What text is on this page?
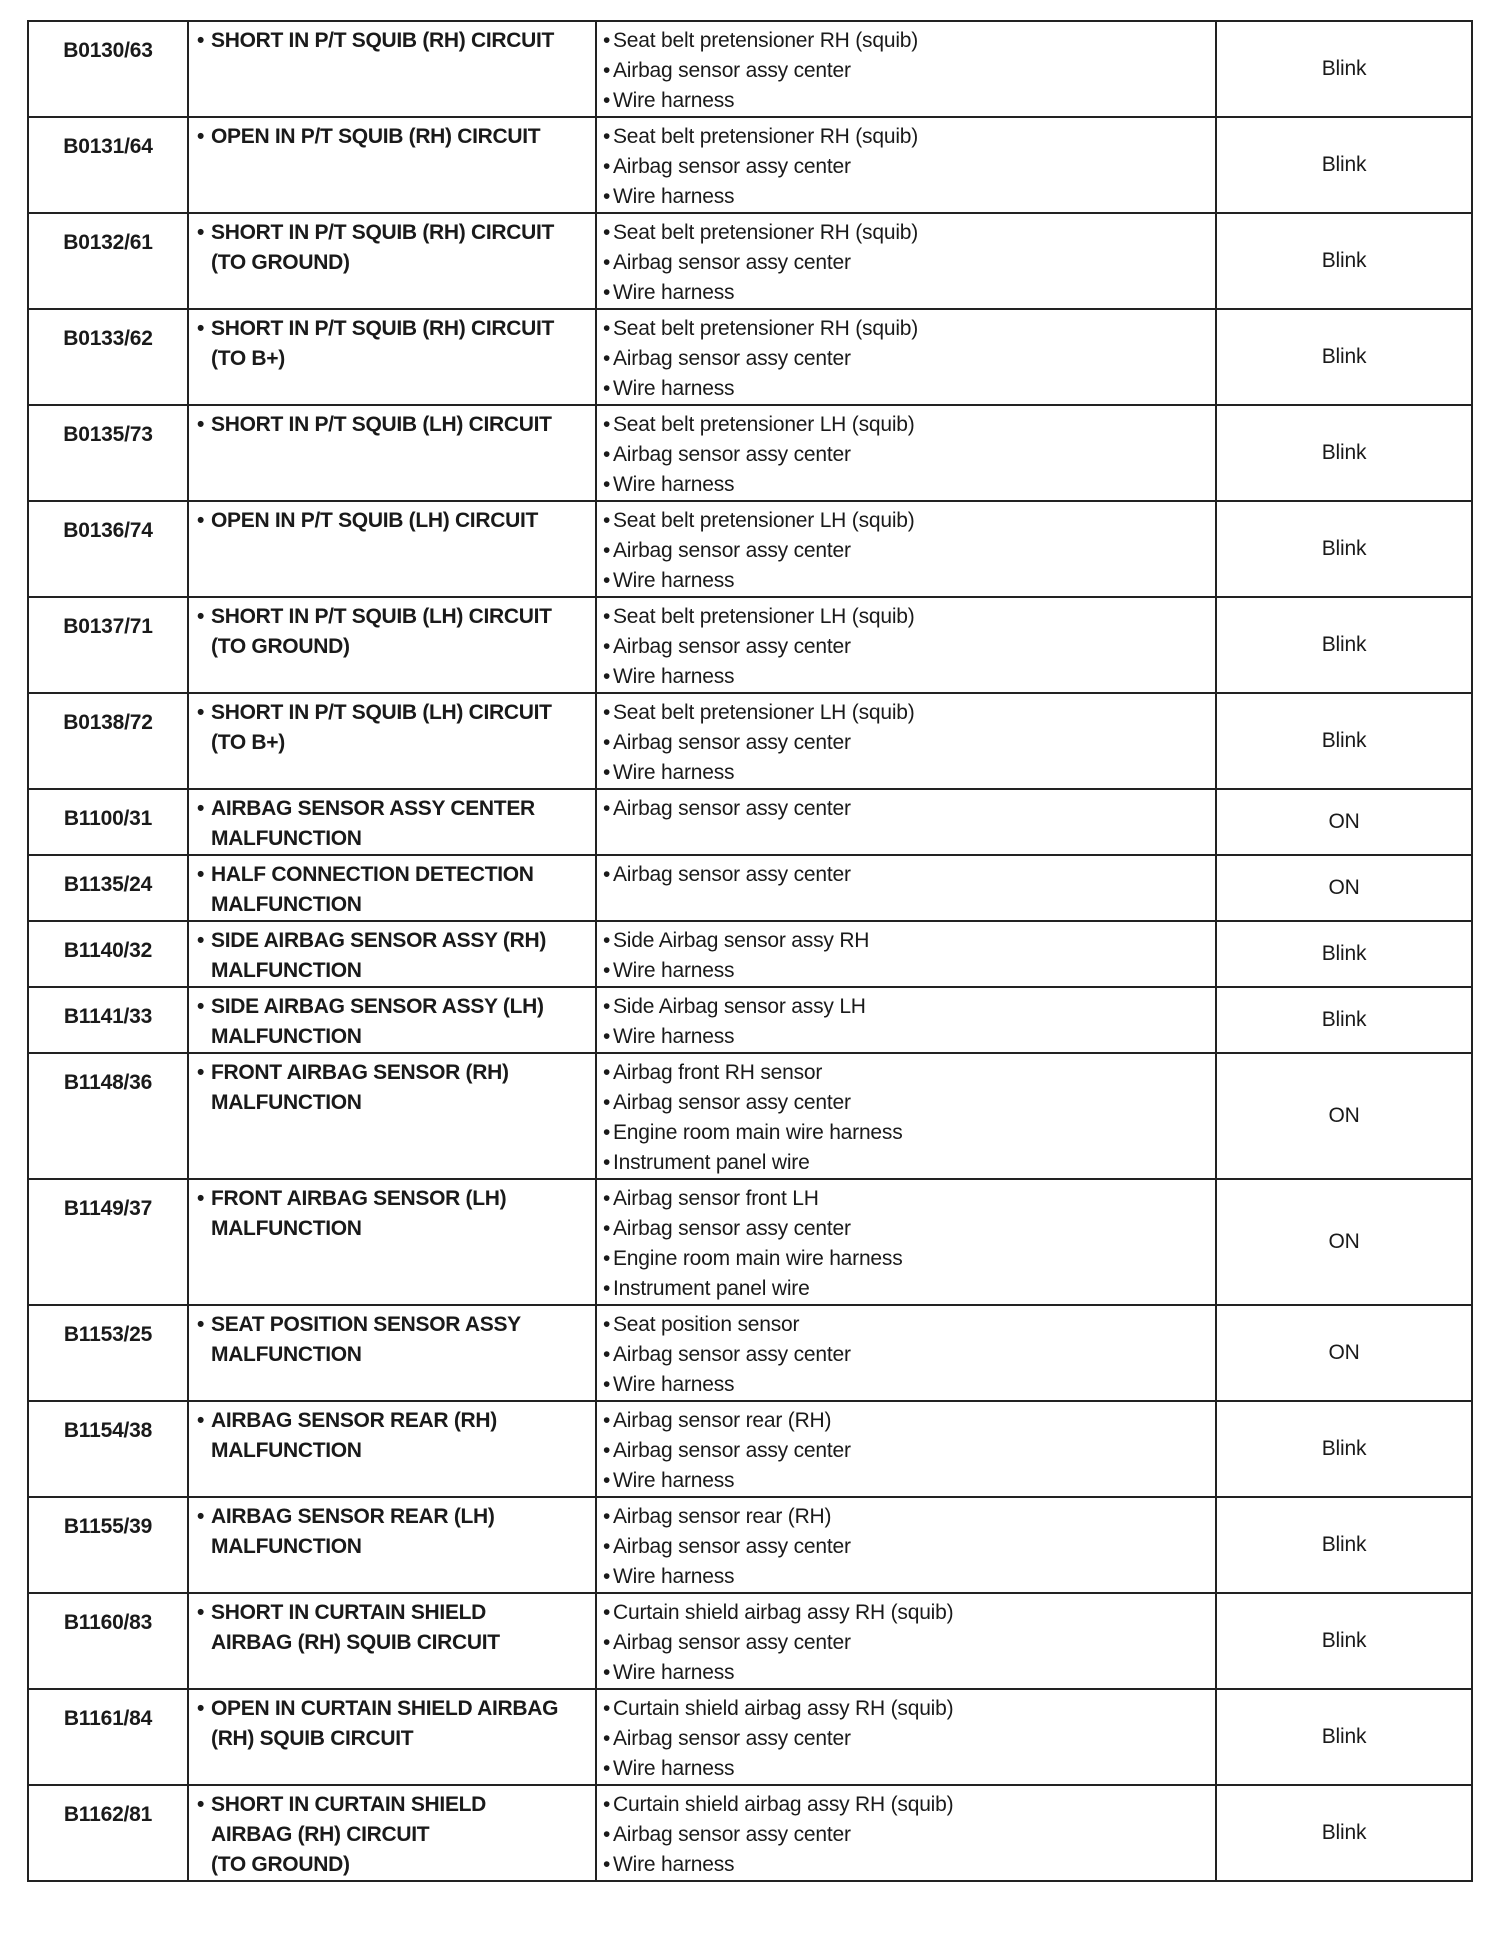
B0130/63	• SHORT IN P/T SQUIB (RH) CIRCUIT	• Seat belt pretensioner RH (squib)
• Airbag sensor assy center
• Wire harness	Blink
B0131/64	• OPEN IN P/T SQUIB (RH) CIRCUIT	• Seat belt pretensioner RH (squib)
• Airbag sensor assy center
• Wire harness	Blink
B0132/61	• SHORT IN P/T SQUIB (RH) CIRCUIT
(TO GROUND)	• Seat belt pretensioner RH (squib)
• Airbag sensor assy center
• Wire harness	Blink
B0133/62	• SHORT IN P/T SQUIB (RH) CIRCUIT
(TO B+)	• Seat belt pretensioner RH (squib)
• Airbag sensor assy center
• Wire harness	Blink
B0135/73	• SHORT IN P/T SQUIB (LH) CIRCUIT	• Seat belt pretensioner LH (squib)
• Airbag sensor assy center
• Wire harness	Blink
B0136/74	• OPEN IN P/T SQUIB (LH) CIRCUIT	• Seat belt pretensioner LH (squib)
• Airbag sensor assy center
• Wire harness	Blink
B0137/71	• SHORT IN P/T SQUIB (LH) CIRCUIT
(TO GROUND)	• Seat belt pretensioner LH (squib)
• Airbag sensor assy center
• Wire harness	Blink
B0138/72	• SHORT IN P/T SQUIB (LH) CIRCUIT
(TO B+)	• Seat belt pretensioner LH (squib)
• Airbag sensor assy center
• Wire harness	Blink
B1100/31	• AIRBAG SENSOR ASSY CENTER
MALFUNCTION	• Airbag sensor assy center	ON
B1135/24	• HALF CONNECTION DETECTION
MALFUNCTION	• Airbag sensor assy center	ON
B1140/32	• SIDE AIRBAG SENSOR ASSY (RH)
MALFUNCTION	• Side Airbag sensor assy RH
• Wire harness	Blink
B1141/33	• SIDE AIRBAG SENSOR ASSY (LH)
MALFUNCTION	• Side Airbag sensor assy LH
• Wire harness	Blink
B1148/36	• FRONT AIRBAG SENSOR (RH)
MALFUNCTION	• Airbag front RH sensor
• Airbag sensor assy center
• Engine room main wire harness
• Instrument panel wire	ON
B1149/37	• FRONT AIRBAG SENSOR (LH)
MALFUNCTION	• Airbag sensor front LH
• Airbag sensor assy center
• Engine room main wire harness
• Instrument panel wire	ON
B1153/25	• SEAT POSITION SENSOR ASSY
MALFUNCTION	• Seat position sensor
• Airbag sensor assy center
• Wire harness	ON
B1154/38	• AIRBAG SENSOR REAR (RH)
MALFUNCTION	• Airbag sensor rear (RH)
• Airbag sensor assy center
• Wire harness	Blink
B1155/39	• AIRBAG SENSOR REAR (LH)
MALFUNCTION	• Airbag sensor rear (RH)
• Airbag sensor assy center
• Wire harness	Blink
B1160/83	• SHORT IN CURTAIN SHIELD
AIRBAG (RH) SQUIB CIRCUIT	• Curtain shield airbag assy RH (squib)
• Airbag sensor assy center
• Wire harness	Blink
B1161/84	• OPEN IN CURTAIN SHIELD AIRBAG
(RH) SQUIB CIRCUIT	• Curtain shield airbag assy RH (squib)
• Airbag sensor assy center
• Wire harness	Blink
B1162/81	• SHORT IN CURTAIN SHIELD
AIRBAG (RH) CIRCUIT
(TO GROUND)	• Curtain shield airbag assy RH (squib)
• Airbag sensor assy center
• Wire harness	Blink
